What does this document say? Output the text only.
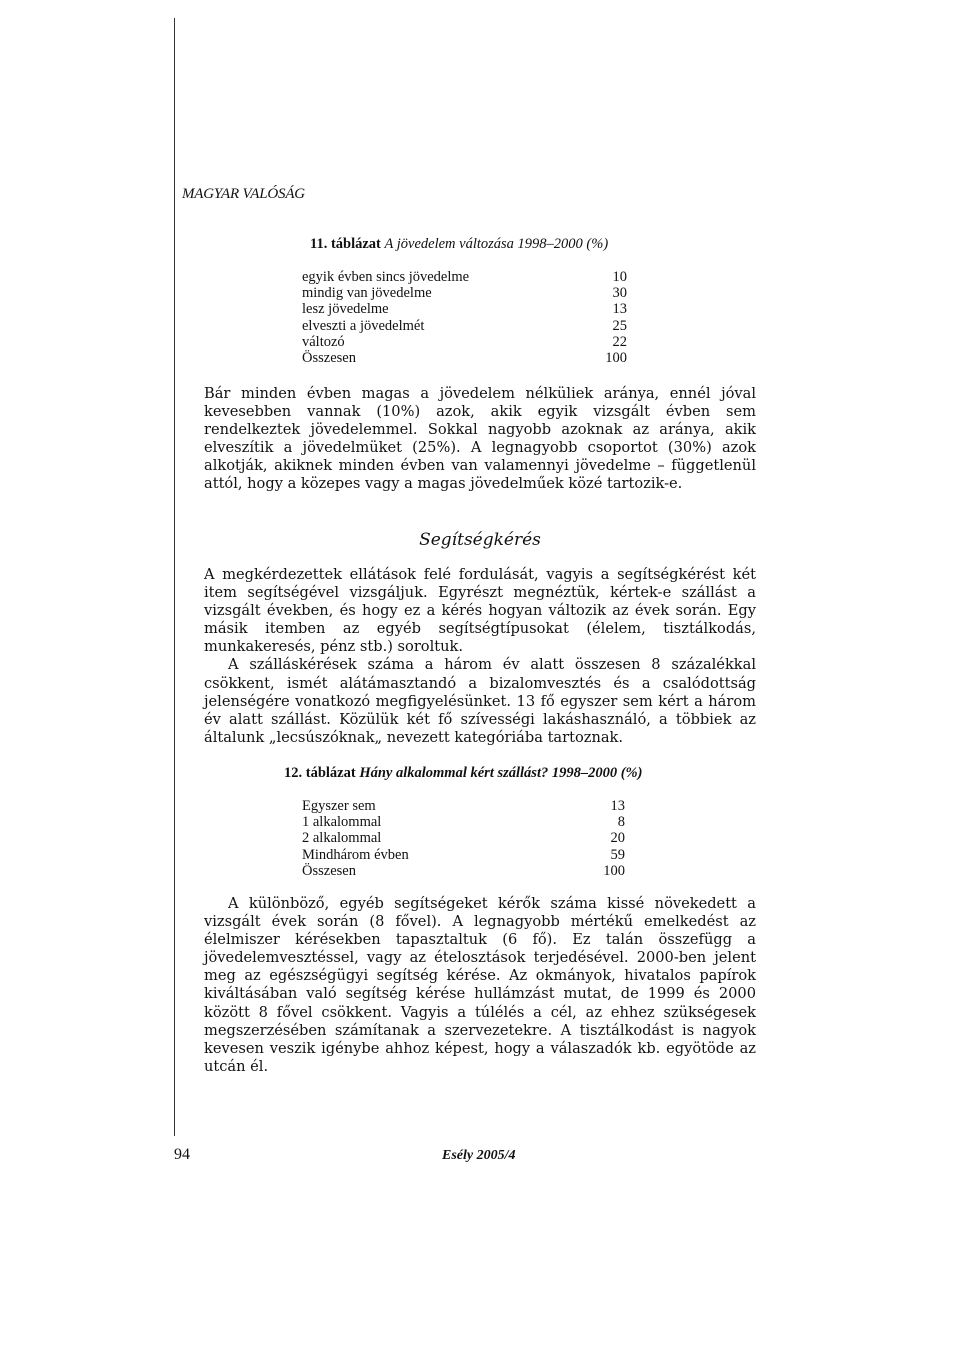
MAGYAR VALÓSÁG
11. táblázat A jövedelem változása 1998–2000 (%)
egyik évben sincs jövedelme	10
mindig van jövedelme	30
lesz jövedelme	13
elveszti a jövedelmét	25
változó	22
Összesen	100

Bár minden évben magas a jövedelem nélküliek aránya, ennél jóval kevesebben vannak (10%) azok, akik egyik vizsgált évben sem rendelkeztek jövedelemmel. Sokkal nagyobb azoknak az aránya, akik elveszítik a jövedelmüket (25%). A legnagyobb csoportot (30%) azok alkotják, akiknek minden évben van valamennyi jövedelme – függetlenül attól, hogy a közepes vagy a magas jövedelműek közé tartozik-e.

Segítségkérés
A megkérdezettek ellátások felé fordulását, vagyis a segítségkérést két item segítségével vizsgáljuk. Egyrészt megnéztük, kértek-e szállást a vizsgált években, és hogy ez a kérés hogyan változik az évek során. Egy másik itemben az egyéb segítségtípusokat (élelem, tisztálkodás, munkakeresés, pénz stb.) soroltuk.
A szálláskérések száma a három év alatt összesen 8 százalékkal csökkent, ismét alátámasztandó a bizalomvesztés és a csalódottság jelenségére vonatkozó megfigyelésünket. 13 fő egyszer sem kért a három év alatt szállást. Közülük két fő szívességi lakáshasználó, a többiek az általunk „lecsúszóknak„ nevezett kategóriába tartoznak.
12. táblázat Hány alkalommal kért szállást? 1998–2000 (%)
Egyszer sem	13
1 alkalommal	8
2 alkalommal	20
Mindhárom évben	59
Összesen	100

A különböző, egyéb segítségeket kérők száma kissé növekedett a vizsgált évek során (8 fővel). A legnagyobb mértékű emelkedést az élelmiszer kérésekben tapasztaltuk (6 fő). Ez talán összefügg a jövedelemvesztéssel, vagy az ételosztások terjedésével. 2000-ben jelent meg az egészségügyi segítség kérése. Az okmányok, hivatalos papírok kiváltásában való segítség kérése hullámzást mutat, de 1999 és 2000 között 8 fővel csökkent. Vagyis a túlélés a cél, az ehhez szükségesek megszerzésében számítanak a szervezetekre. A tisztálkodást is nagyok kevesen veszik igénybe ahhoz képest, hogy a válaszadók kb. egyötöde az utcán él.

94	Esély 2005/4
